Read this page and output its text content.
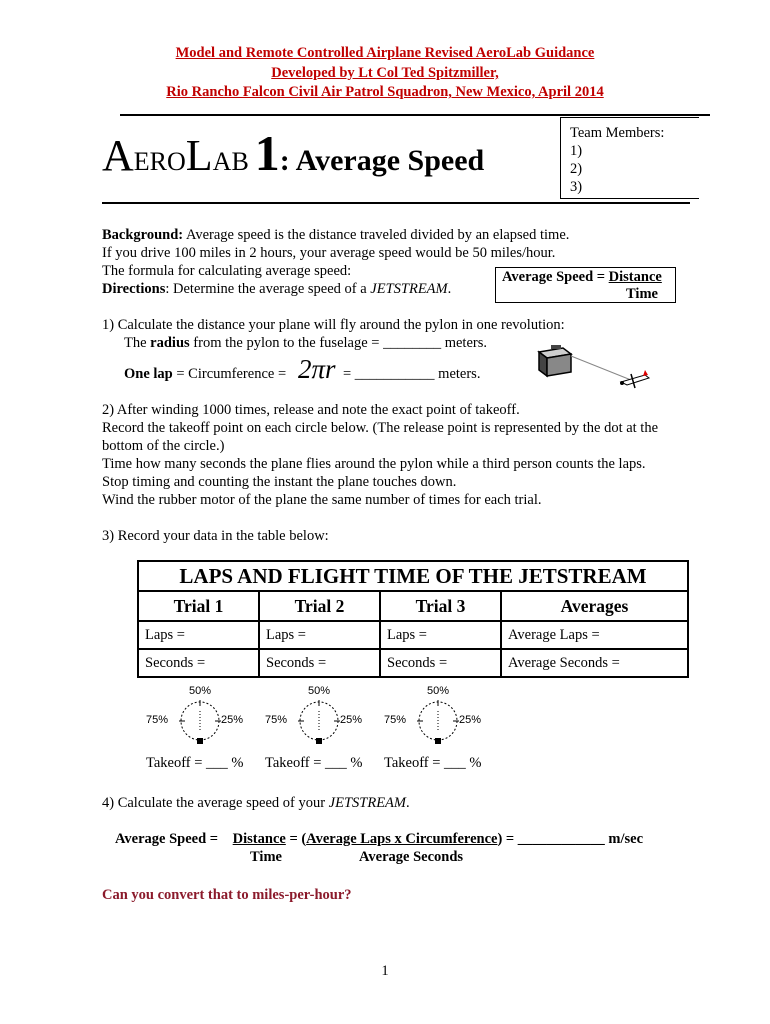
Model and Remote Controlled Airplane Revised AeroLab Guidance
Developed by Lt Col Ted Spitzmiller,
Rio Rancho Falcon Civil Air Patrol Squadron, New Mexico, April 2014
AEROLAB 1: Average Speed
Team Members:
1)
2)
3)
Background: Average speed is the distance traveled divided by an elapsed time.
If you drive 100 miles in 2 hours, your average speed would be 50 miles/hour.
The formula for calculating average speed:
Directions: Determine the average speed of a JETSTREAM.
Average Speed = Distance
Time
1) Calculate the distance your plane will fly around the pylon in one revolution:
The radius from the pylon to the fuselage = ________ meters.
One lap = Circumference = 2πr = ___________ meters.
2) After winding 1000 times, release and note the exact point of takeoff.
Record the takeoff point on each circle below. (The release point is represented by the dot at the
bottom of the circle.)
Time how many seconds the plane flies around the pylon while a third person counts the laps.
Stop timing and counting the instant the plane touches down.
Wind the rubber motor of the plane the same number of times for each trial.
3) Record your data in the table below:
LAPS AND FLIGHT TIME OF THE JETSTREAM			
Trial 1	Trial 2	Trial 3	Averages
Laps =	Laps =	Laps =	Average Laps =
Seconds =	Seconds =	Seconds =	Average Seconds =
50%
75%	25%
50%
75%	25%
50%
75%	25%
Takeoff = ___ % Takeoff = ___ % Takeoff = ___ %
4) Calculate the average speed of your JETSTREAM.
Average Speed = Distance = (Average Laps x Circumference) = ____________ m/sec
Time	Average Seconds
Can you convert that to miles-per-hour?
1
